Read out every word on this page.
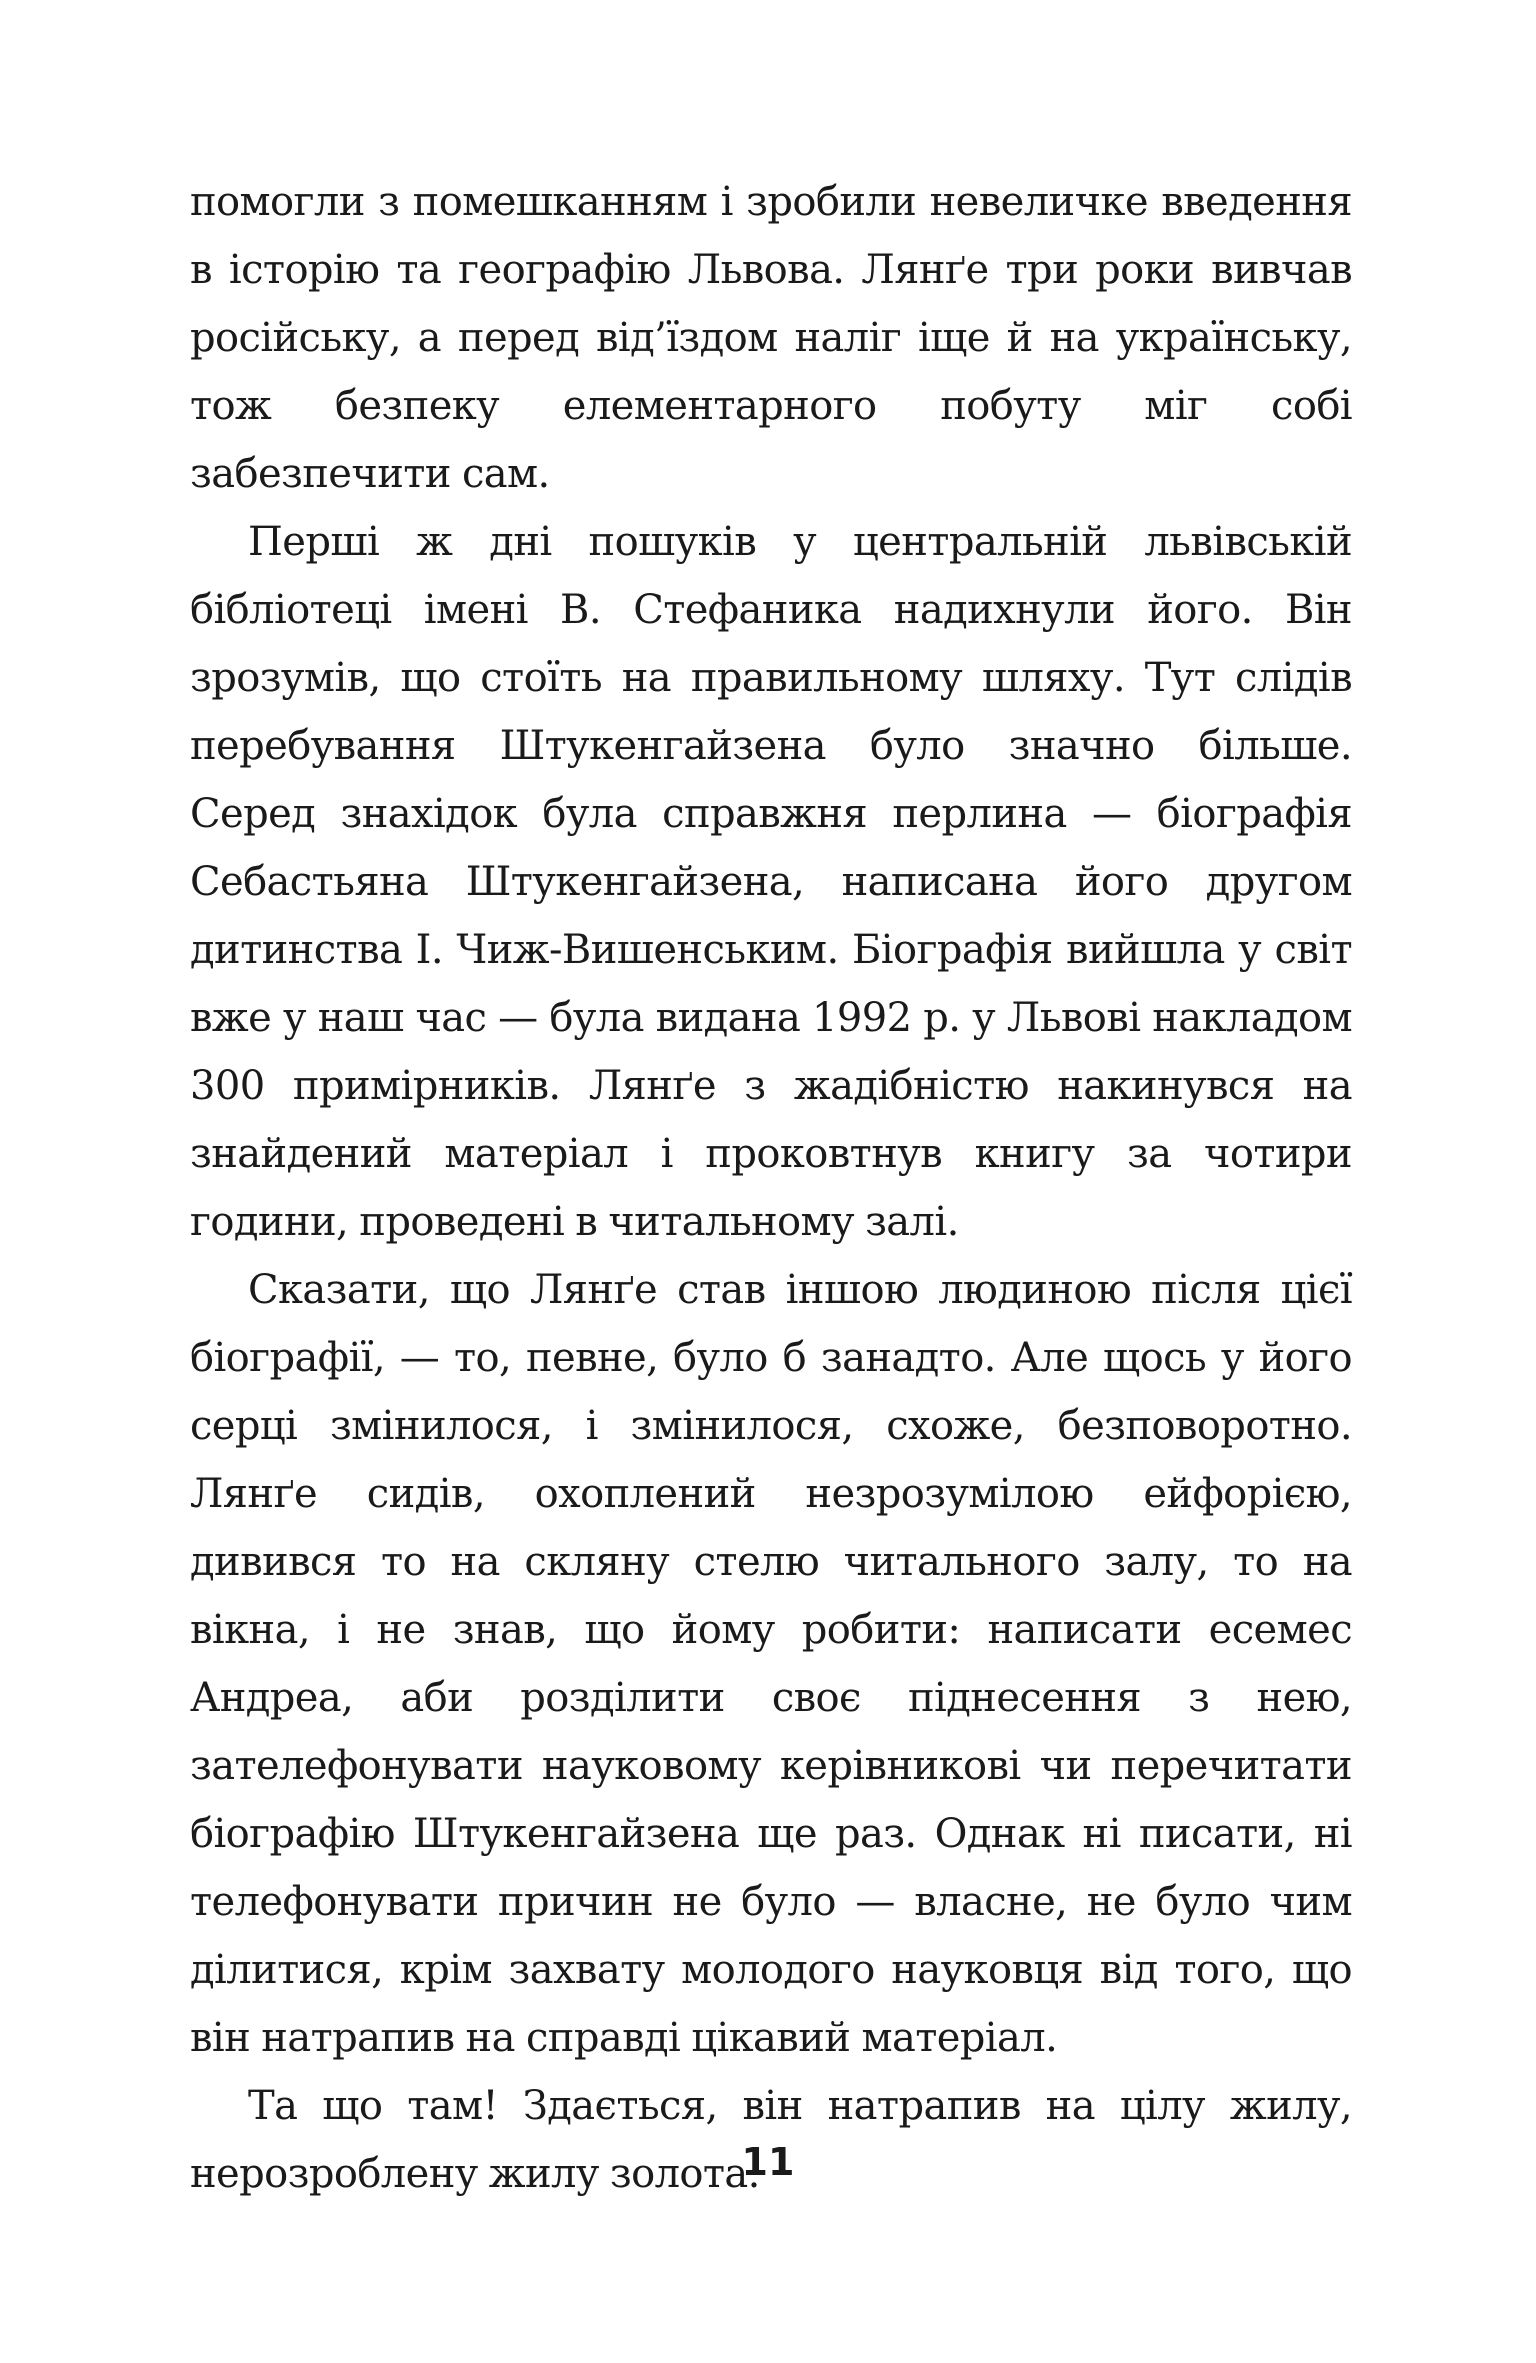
помогли з помешканням і зробили невеличке введення в історію та географію Львова. Лянґе три роки вивчав російську, а перед від’їздом наліг іще й на українську, тож безпеку елементарного побуту міг собі забезпечити сам.

Перші ж дні пошуків у центральній львівській бібліотеці імені В. Стефаника надихнули його. Він зрозумів, що стоїть на правильному шляху. Тут слідів перебування Штукенгайзена було значно більше. Серед знахідок була справжня перлина — біографія Себастьяна Штукенгайзена, написана його другом дитинства І. Чиж-Вишенським. Біографія вийшла у світ вже у наш час — була видана 1992 р. у Львові накладом 300 примірників. Лянґе з жадібністю накинувся на знайдений матеріал і проковтнув книгу за чотири години, проведені в читальному залі.

Сказати, що Лянґе став іншою людиною після цієї біографії, — то, певне, було б занадто. Але щось у його серці змінилося, і змінилося, схоже, безповоротно. Лянґе сидів, охоплений незрозумілою ейфорією, дивився то на скляну стелю читального залу, то на вікна, і не знав, що йому робити: написати есемес Андреа, аби розділити своє піднесення з нею, зателефонувати науковому керівникові чи перечитати біографію Штукенгайзена ще раз. Однак ні писати, ні телефонувати причин не було — власне, не було чим ділитися, крім захвату молодого науковця від того, що він натрапив на справді цікавий матеріал.

Та що там! Здається, він натрапив на цілу жилу, нерозроблену жилу золота.

11
